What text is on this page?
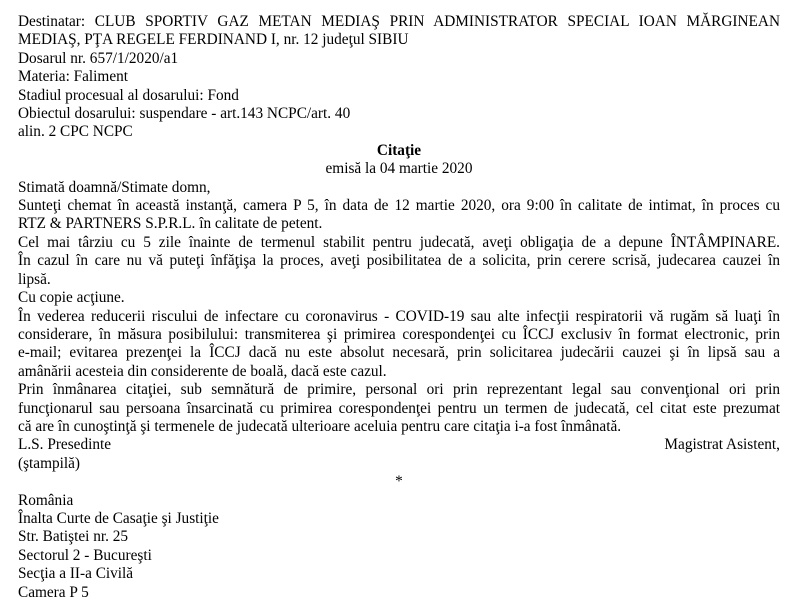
Destinatar: CLUB SPORTIV GAZ METAN MEDIAŞ PRIN ADMINISTRATOR SPECIAL IOAN MĂRGINEAN
MEDIAŞ, PŢA REGELE FERDINAND I, nr. 12 judeţul SIBIU
Dosarul nr. 657/1/2020/a1
Materia: Faliment
Stadiul procesual al dosarului: Fond
Obiectul dosarului: suspendare - art.143 NCPC/art. 40
alin. 2 CPC NCPC
Citaţie
emisă la 04 martie 2020
Stimată doamnă/Stimate domn,
Sunteţi chemat în această instanţă, camera P 5, în data de 12 martie 2020, ora 9:00 în calitate de intimat, în proces cu
RTZ & PARTNERS S.P.R.L. în calitate de petent.
Cel mai târziu cu 5 zile înainte de termenul stabilit pentru judecată, aveţi obligaţia de a depune ÎNTÂMPINARE.
În cazul în care nu vă puteţi înfăţişa la proces, aveţi posibilitatea de a solicita, prin cerere scrisă, judecarea cauzei în
lipsă.
Cu copie acţiune.
În vederea reducerii riscului de infectare cu coronavirus - COVID-19 sau alte infecţii respiratorii vă rugăm să luaţi în
considerare, în măsura posibilului: transmiterea şi primirea corespondenţei cu ÎCCJ exclusiv în format electronic, prin
e-mail; evitarea prezenţei la ÎCCJ dacă nu este absolut necesară, prin solicitarea judecării cauzei şi în lipsă sau a
amânării acesteia din considerente de boală, dacă este cazul.
Prin înmânarea citaţiei, sub semnătură de primire, personal ori prin reprezentant legal sau convenţional ori prin
funcţionarul sau persoana însarcinată cu primirea corespondenţei pentru un termen de judecată, cel citat este prezumat
că are în cunoştinţă şi termenele de judecată ulterioare aceluia pentru care citaţia i-a fost înmânată.
L.S. Presedinte	Magistrat Asistent,
(ştampilă)
*
România
Înalta Curte de Casaţie şi Justiţie
Str. Batiştei nr. 25
Sectorul 2 - Bucureşti
Secţia a II-a Civilă
Camera P 5
